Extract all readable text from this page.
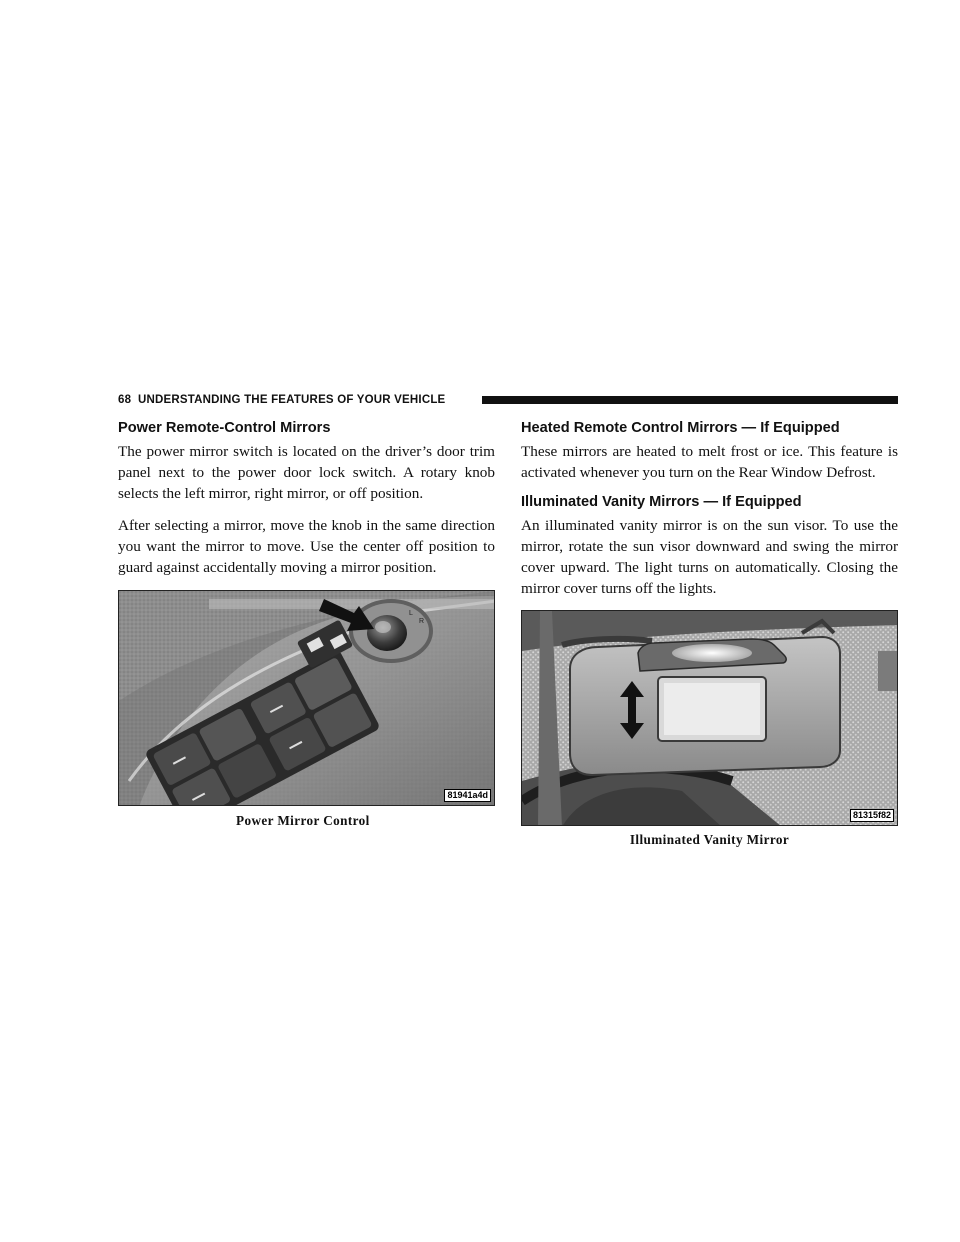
68 UNDERSTANDING THE FEATURES OF YOUR VEHICLE
Power Remote-Control Mirrors

The power mirror switch is located on the driver’s door trim panel next to the power door lock switch. A rotary knob selects the left mirror, right mirror, or off position.

After selecting a mirror, move the knob in the same direction you want the mirror to move. Use the center off position to guard against accidentally moving a mirror position.

L
R
81941a4d
Power Mirror Control
Heated Remote Control Mirrors — If Equipped

These mirrors are heated to melt frost or ice. This feature is activated whenever you turn on the Rear Window Defrost.

Illuminated Vanity Mirrors — If Equipped

An illuminated vanity mirror is on the sun visor. To use the mirror, rotate the sun visor downward and swing the mirror cover upward. The light turns on automatically. Closing the mirror cover turns off the lights.

81315f82
Illuminated Vanity Mirror
